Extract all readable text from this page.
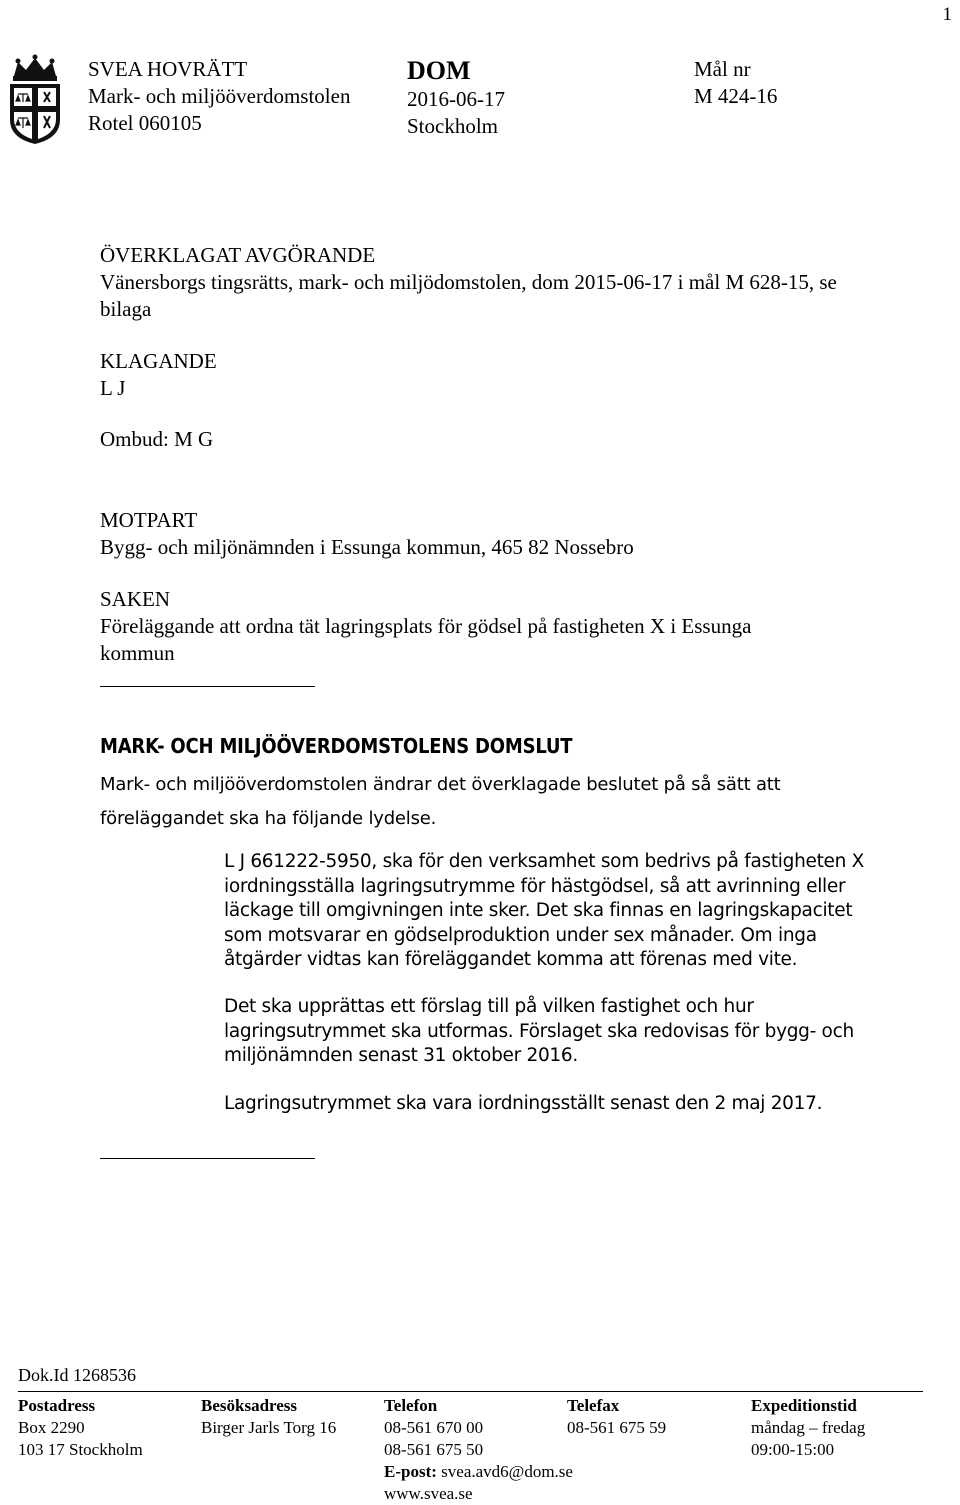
1
SVEA HOVRÄTT
Mark- och miljööverdomstolen
Rotel 060105
DOM
2016-06-17
Stockholm
Mål nr
M 424-16
ÖVERKLAGAT AVGÖRANDE
Vänersborgs tingsrätts, mark- och miljödomstolen, dom 2015-06-17 i mål M 628-15, se bilaga
KLAGANDE
L J
Ombud: M G
MOTPART
Bygg- och miljönämnden i Essunga kommun, 465 82 Nossebro
SAKEN
Föreläggande att ordna tät lagringsplats för gödsel på fastigheten X i Essunga kommun
MARK- OCH MILJÖÖVERDOMSTOLENS DOMSLUT
Mark- och miljööverdomstolen ändrar det överklagade beslutet på så sätt att föreläggandet ska ha följande lydelse.
L J 661222-5950, ska för den verksamhet som bedrivs på fastigheten X iordningsställa lagringsutrymme för hästgödsel, så att avrinning eller läckage till omgivningen inte sker. Det ska finnas en lagringskapacitet som motsvarar en gödselproduktion under sex månader. Om inga åtgärder vidtas kan föreläggandet komma att förenas med vite.
Det ska upprättas ett förslag till på vilken fastighet och hur lagringsutrymmet ska utformas. Förslaget ska redovisas för bygg- och miljönämnden senast 31 oktober 2016.
Lagringsutrymmet ska vara iordningsställt senast den 2 maj 2017.
Dok.Id 1268536
Postadress
Box 2290
103 17 Stockholm
Besöksadress
Birger Jarls Torg 16
Telefon
08-561 670 00
08-561 675 50
E-post: svea.avd6@dom.se
www.svea.se
Telefax
08-561 675 59
Expeditionstid
måndag – fredag
09:00-15:00
